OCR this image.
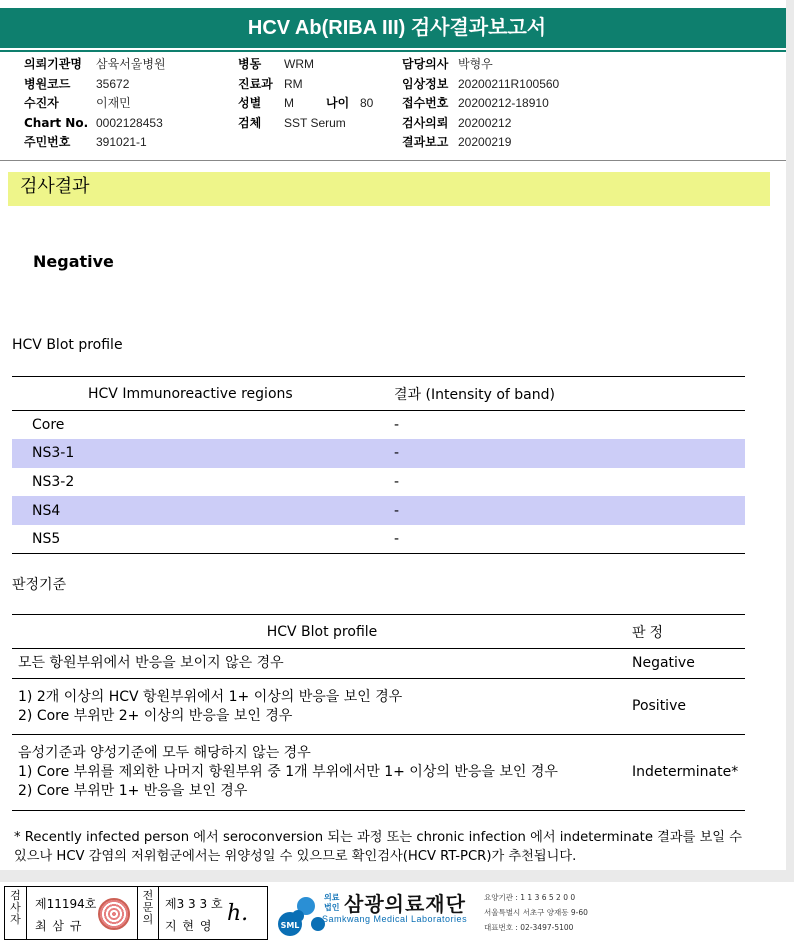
HCV Ab(RIBA III) 검사결과보고서
의뢰기관명 삼육서울병원
병원코드 35672
수진자	이재민
Chart No. 0002128453
주민번호 391021-1
병동 WRM
진료과 RM
성별 M	나이 80
검체 SST Serum
담당의사 박형우
임상정보 20200211R100560
접수번호 20200212-18910
검사의뢰 20200212
결과보고 20200219
검사결과
Negative
HCV Blot profile
HCV Immunoreactive regions	결과 (Intensity of band)
Core	-
NS3-1	-
NS3-2	-
NS4	-
NS5	-
판정기준
HCV Blot profile	판정

모든 항원부위에서 반응을 보이지 않은 경우	Negative

1) 2개 이상의 HCV 항원부위에서 1+ 이상의 반응을 보인 경우
2) Core 부위만 2+ 이상의 반응을 보인 경우	Positive

음성기준과 양성기준에 모두 해당하지 않는 경우
1) Core 부위를 제외한 나머지 항원부위 중 1개 부위에서만 1+ 이상의 반응을 보인 경우
2) Core 부위만 1+ 반응을 보인 경우	Indeterminate*
* Recently infected person 에서 seroconversion 되는 과정 또는 chronic infection 에서 indeterminate 결과를 보일 수 있으나 HCV 감염의 저위험군에서는 위양성일 수 있으므로 확인검사(HCV RT-PCR)가 추천됩니다.
검사자
제11194호
최 삼 규
전문의
제3 3 3 호
지 현 영 h.	SML
의료법인 삼광의료재단
Samkwang Medical Laboratories
요양기관 : 1 1 3 6 5 2 0 0
서울특별시 서초구 양재동 9-60
대표번호 : 02-3497-5100
